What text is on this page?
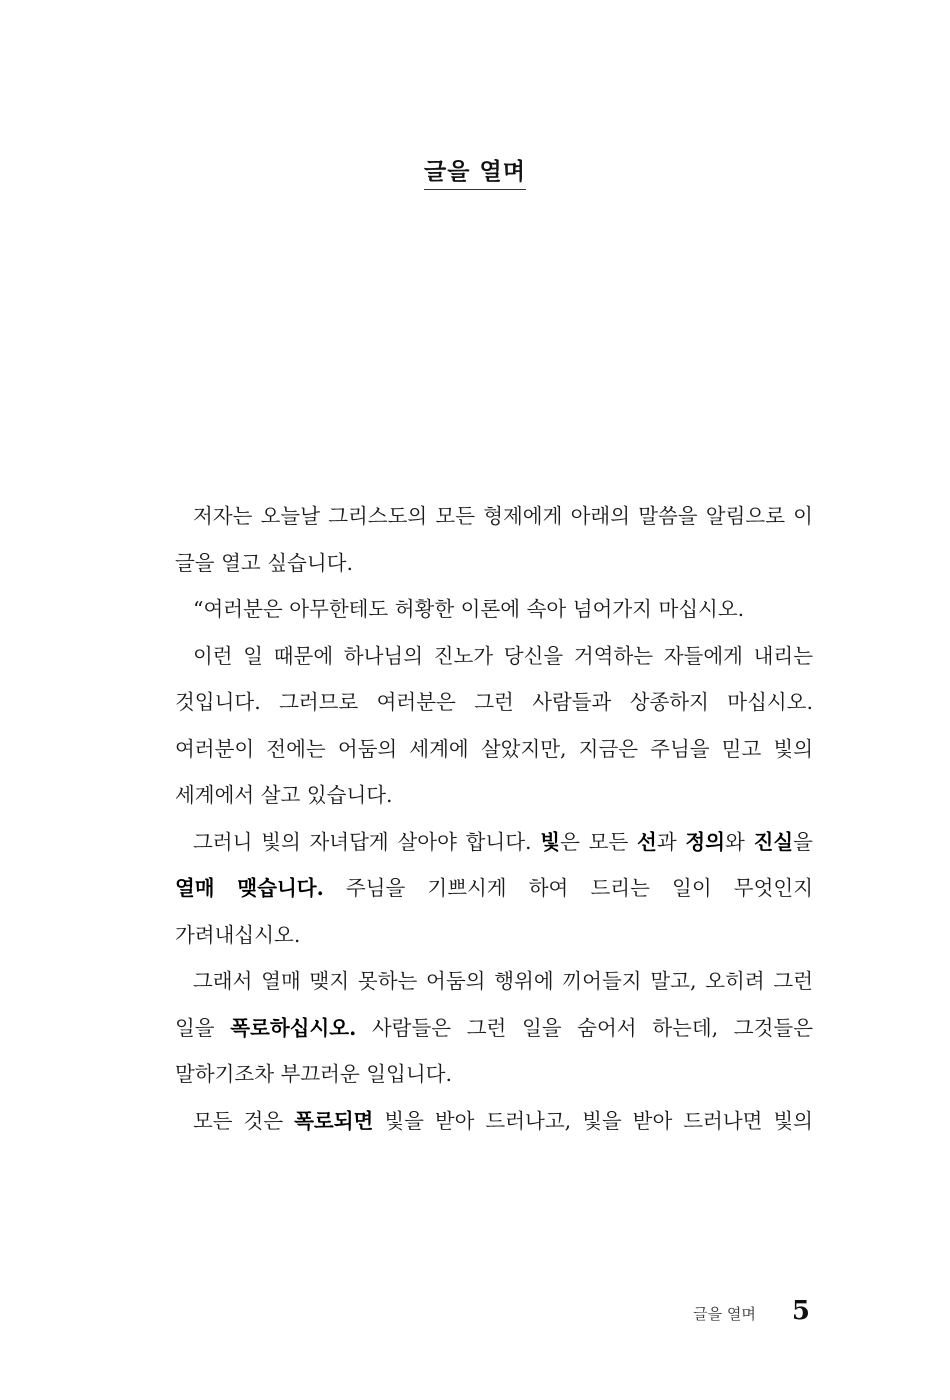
글을 열며

저자는 오늘날 그리스도의 모든 형제에게 아래의 말씀을 알림으로 이 글을 열고 싶습니다.

“여러분은 아무한테도 허황한 이론에 속아 넘어가지 마십시오.

이런 일 때문에 하나님의 진노가 당신을 거역하는 자들에게 내리는 것입니다. 그러므로 여러분은 그런 사람들과 상종하지 마십시오. 여러분이 전에는 어둠의 세계에 살았지만, 지금은 주님을 믿고 빛의 세계에서 살고 있습니다.

그러니 빛의 자녀답게 살아야 합니다. 빛은 모든 선과 정의와 진실을 열매 맺습니다. 주님을 기쁘시게 하여 드리는 일이 무엇인지 가려내십시오.

그래서 열매 맺지 못하는 어둠의 행위에 끼어들지 말고, 오히려 그런 일을 폭로하십시오. 사람들은 그런 일을 숨어서 하는데, 그것들은 말하기조차 부끄러운 일입니다.

모든 것은 폭로되면 빛을 받아 드러나고, 빛을 받아 드러나면 빛의

글을 열며 5
